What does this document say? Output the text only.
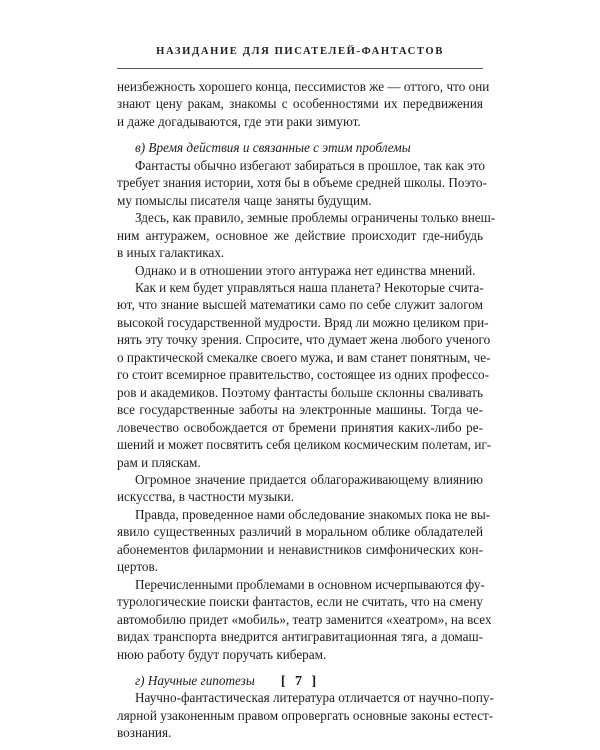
НАЗИДАНИЕ ДЛЯ ПИСАТЕЛЕЙ-ФАНТАСТОВ

неизбежность хорошего конца, пессимистов же — оттого, что они
знают цену ракам, знакомы с особенностями их передвижения
и даже догадываются, где эти раки зимуют.

в) Время действия и связанные с этим проблемы

Фантасты обычно избегают забираться в прошлое, так как это
требует знания истории, хотя бы в объеме средней школы. Поэто-
му помыслы писателя чаще заняты будущим.

Здесь, как правило, земные проблемы ограничены только внеш-
ним антуражем, основное же действие происходит где-нибудь
в иных галактиках.

Однако и в отношении этого антуража нет единства мнений.

Как и кем будет управляться наша планета? Некоторые счита-
ют, что знание высшей математики само по себе служит залогом
высокой государственной мудрости. Вряд ли можно целиком при-
нять эту точку зрения. Спросите, что думает жена любого ученого
о практической смекалке своего мужа, и вам станет понятным, че-
го стоит всемирное правительство, состоящее из одних професcо-
ров и академиков. Поэтому фантасты больше склонны сваливать
все государственные заботы на электронные машины. Тогда че-
ловечество освобождается от бремени принятия каких-либо ре-
шений и может посвятить себя целиком космическим полетам, иг-
рам и пляскам.

Огромное значение придается облагораживающему влиянию
искусства, в частности музыки.

Правда, проведенное нами обследование знакомых пока не вы-
явило существенных различий в моральном облике обладателей
абонементов филармонии и ненавистников симфонических кон-
цертов.

Перечисленными проблемами в основном исчерпываются фу-
турологические поиски фантастов, если не считать, что на смену
автомобилю придет «мобиль», театр заменится «хеатром», на всех
видах транспорта внедрится антигравитационная тяга, а домаш-
нюю работу будут поручать киберам.

г) Научные гипотезы

Научно-фантастическая литература отличается от научно-попу-
лярной узаконенным правом опровергать основные законы естест-
вознания.

[ 7 ]
